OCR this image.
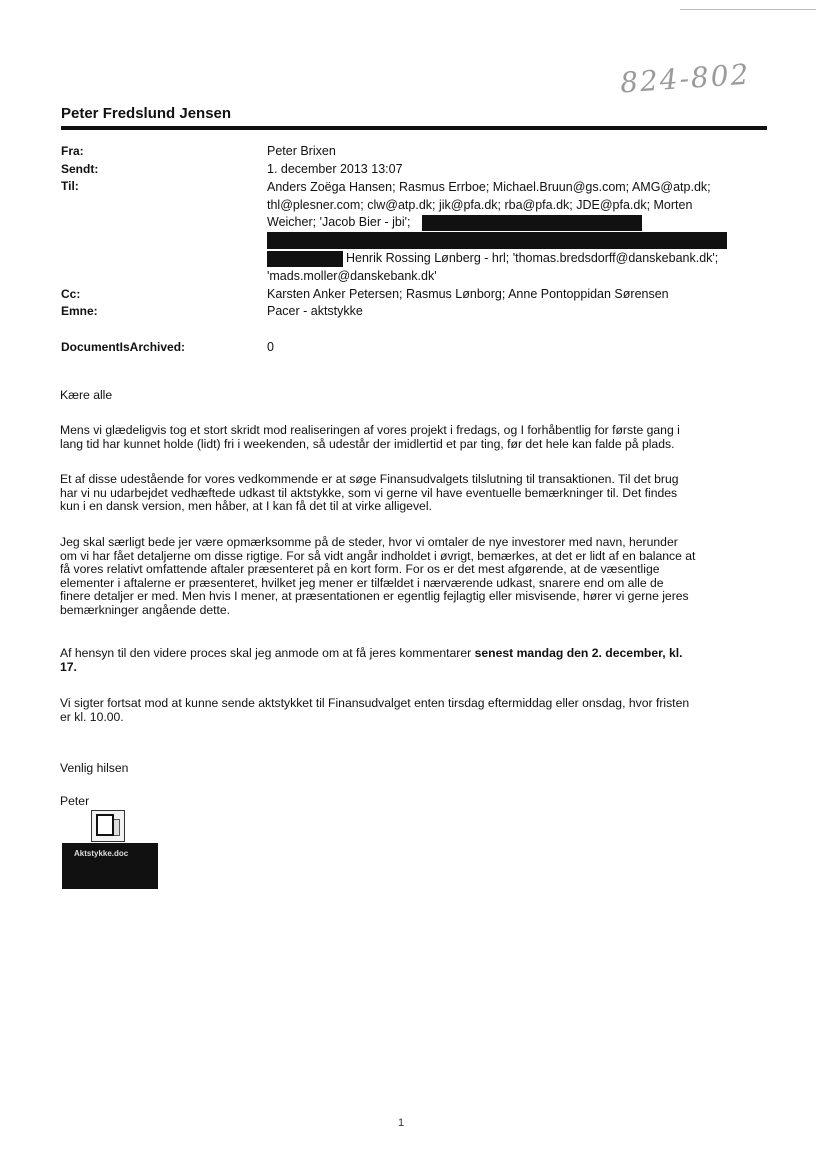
824-802
Peter Fredslund Jensen
Fra:	Peter Brixen
Sendt:	1. december 2013 13:07
Til:	Anders Zoëga Hansen; Rasmus Errboe; Michael.Bruun@gs.com; AMG@atp.dk;
thl@plesner.com; clw@atp.dk; jik@pfa.dk; rba@pfa.dk; JDE@pfa.dk; Morten
Weicher; 'Jacob Bier - jbi';
Henrik Rossing Lønberg - hrl; 'thomas.bredsdorff@danskebank.dk';
'mads.moller@danskebank.dk'
Cc:	Karsten Anker Petersen; Rasmus Lønborg; Anne Pontoppidan Sørensen
Emne:	Pacer - aktstykke
DocumentIsArchived:	0
Kære alle
Mens vi glædeligvis tog et stort skridt mod realiseringen af vores projekt i fredags, og I forhåbentlig for første gang i
lang tid har kunnet holde (lidt) fri i weekenden, så udestår der imidlertid et par ting, før det hele kan falde på plads.
Et af disse udestående for vores vedkommende er at søge Finansudvalgets tilslutning til transaktionen. Til det brug
har vi nu udarbejdet vedhæftede udkast til aktstykke, som vi gerne vil have eventuelle bemærkninger til. Det findes
kun i en dansk version, men håber, at I kan få det til at virke alligevel.
Jeg skal særligt bede jer være opmærksomme på de steder, hvor vi omtaler de nye investorer med navn, herunder
om vi har fået detaljerne om disse rigtige. For så vidt angår indholdet i øvrigt, bemærkes, at det er lidt af en balance at
få vores relativt omfattende aftaler præsenteret på en kort form. For os er det mest afgørende, at de væsentlige
elementer i aftalerne er præsenteret, hvilket jeg mener er tilfældet i nærværende udkast, snarere end om alle de
finere detaljer er med. Men hvis I mener, at præsentationen er egentlig fejlagtig eller misvisende, hører vi gerne jeres
bemærkninger angående dette.
Af hensyn til den videre proces skal jeg anmode om at få jeres kommentarer senest mandag den 2. december, kl.
17.
Vi sigter fortsat mod at kunne sende aktstykket til Finansudvalget enten tirsdag eftermiddag eller onsdag, hvor fristen
er kl. 10.00.
Venlig hilsen
Peter
Aktstykke.doc
1
